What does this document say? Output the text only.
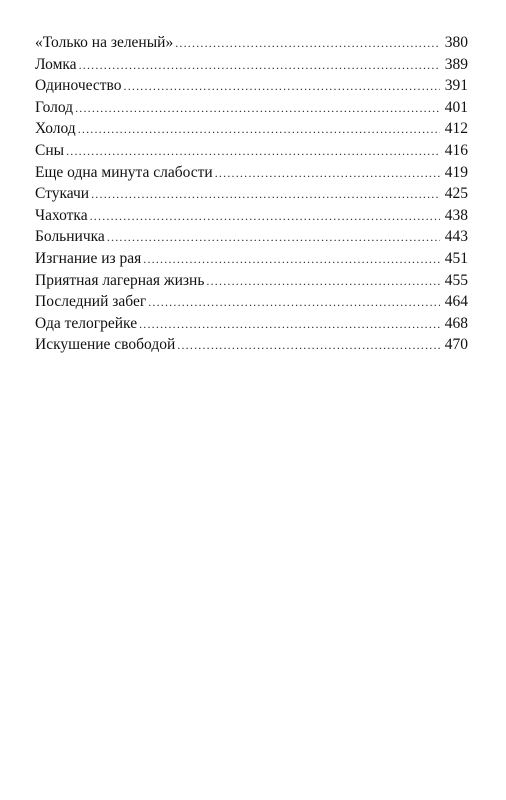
«Только на зеленый» .....	380
Ломка .....	389
Одиночество .....	391
Голод .....	401
Холод .....	412
Сны .....	416
Еще одна минута слабости .....	419
Стукачи .....	425
Чахотка .....	438
Больничка .....	443
Изгнание из рая .....	451
Приятная лагерная жизнь .....	455
Последний забег .....	464
Ода телогрейке .....	468
Искушение свободой .....	470
